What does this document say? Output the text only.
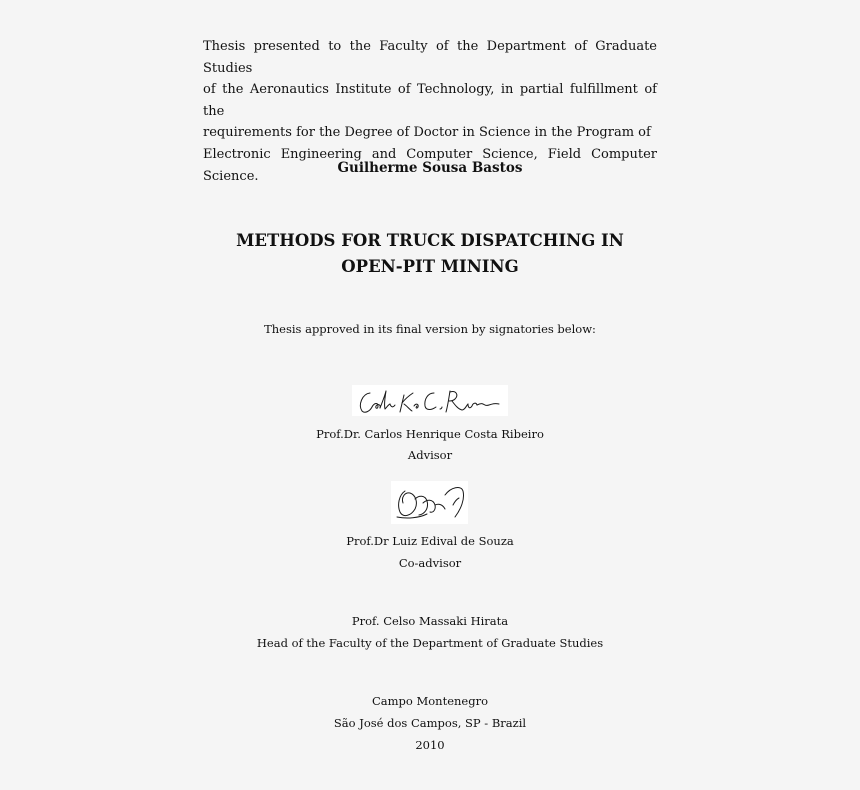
Thesis presented to the Faculty of the Department of Graduate Studies
of the Aeronautics Institute of Technology, in partial fulfillment of the
requirements for the Degree of Doctor in Science in the Program of
Electronic Engineering and Computer Science, Field Computer Science.
Guilherme Sousa Bastos
METHODS FOR TRUCK DISPATCHING IN
OPEN-PIT MINING
Thesis approved in its final version by signatories below:
Prof.Dr. Carlos Henrique Costa Ribeiro
Advisor
Prof.Dr Luiz Edival de Souza
Co-advisor
Prof. Celso Massaki Hirata
Head of the Faculty of the Department of Graduate Studies
Campo Montenegro
São José dos Campos, SP - Brazil
2010
